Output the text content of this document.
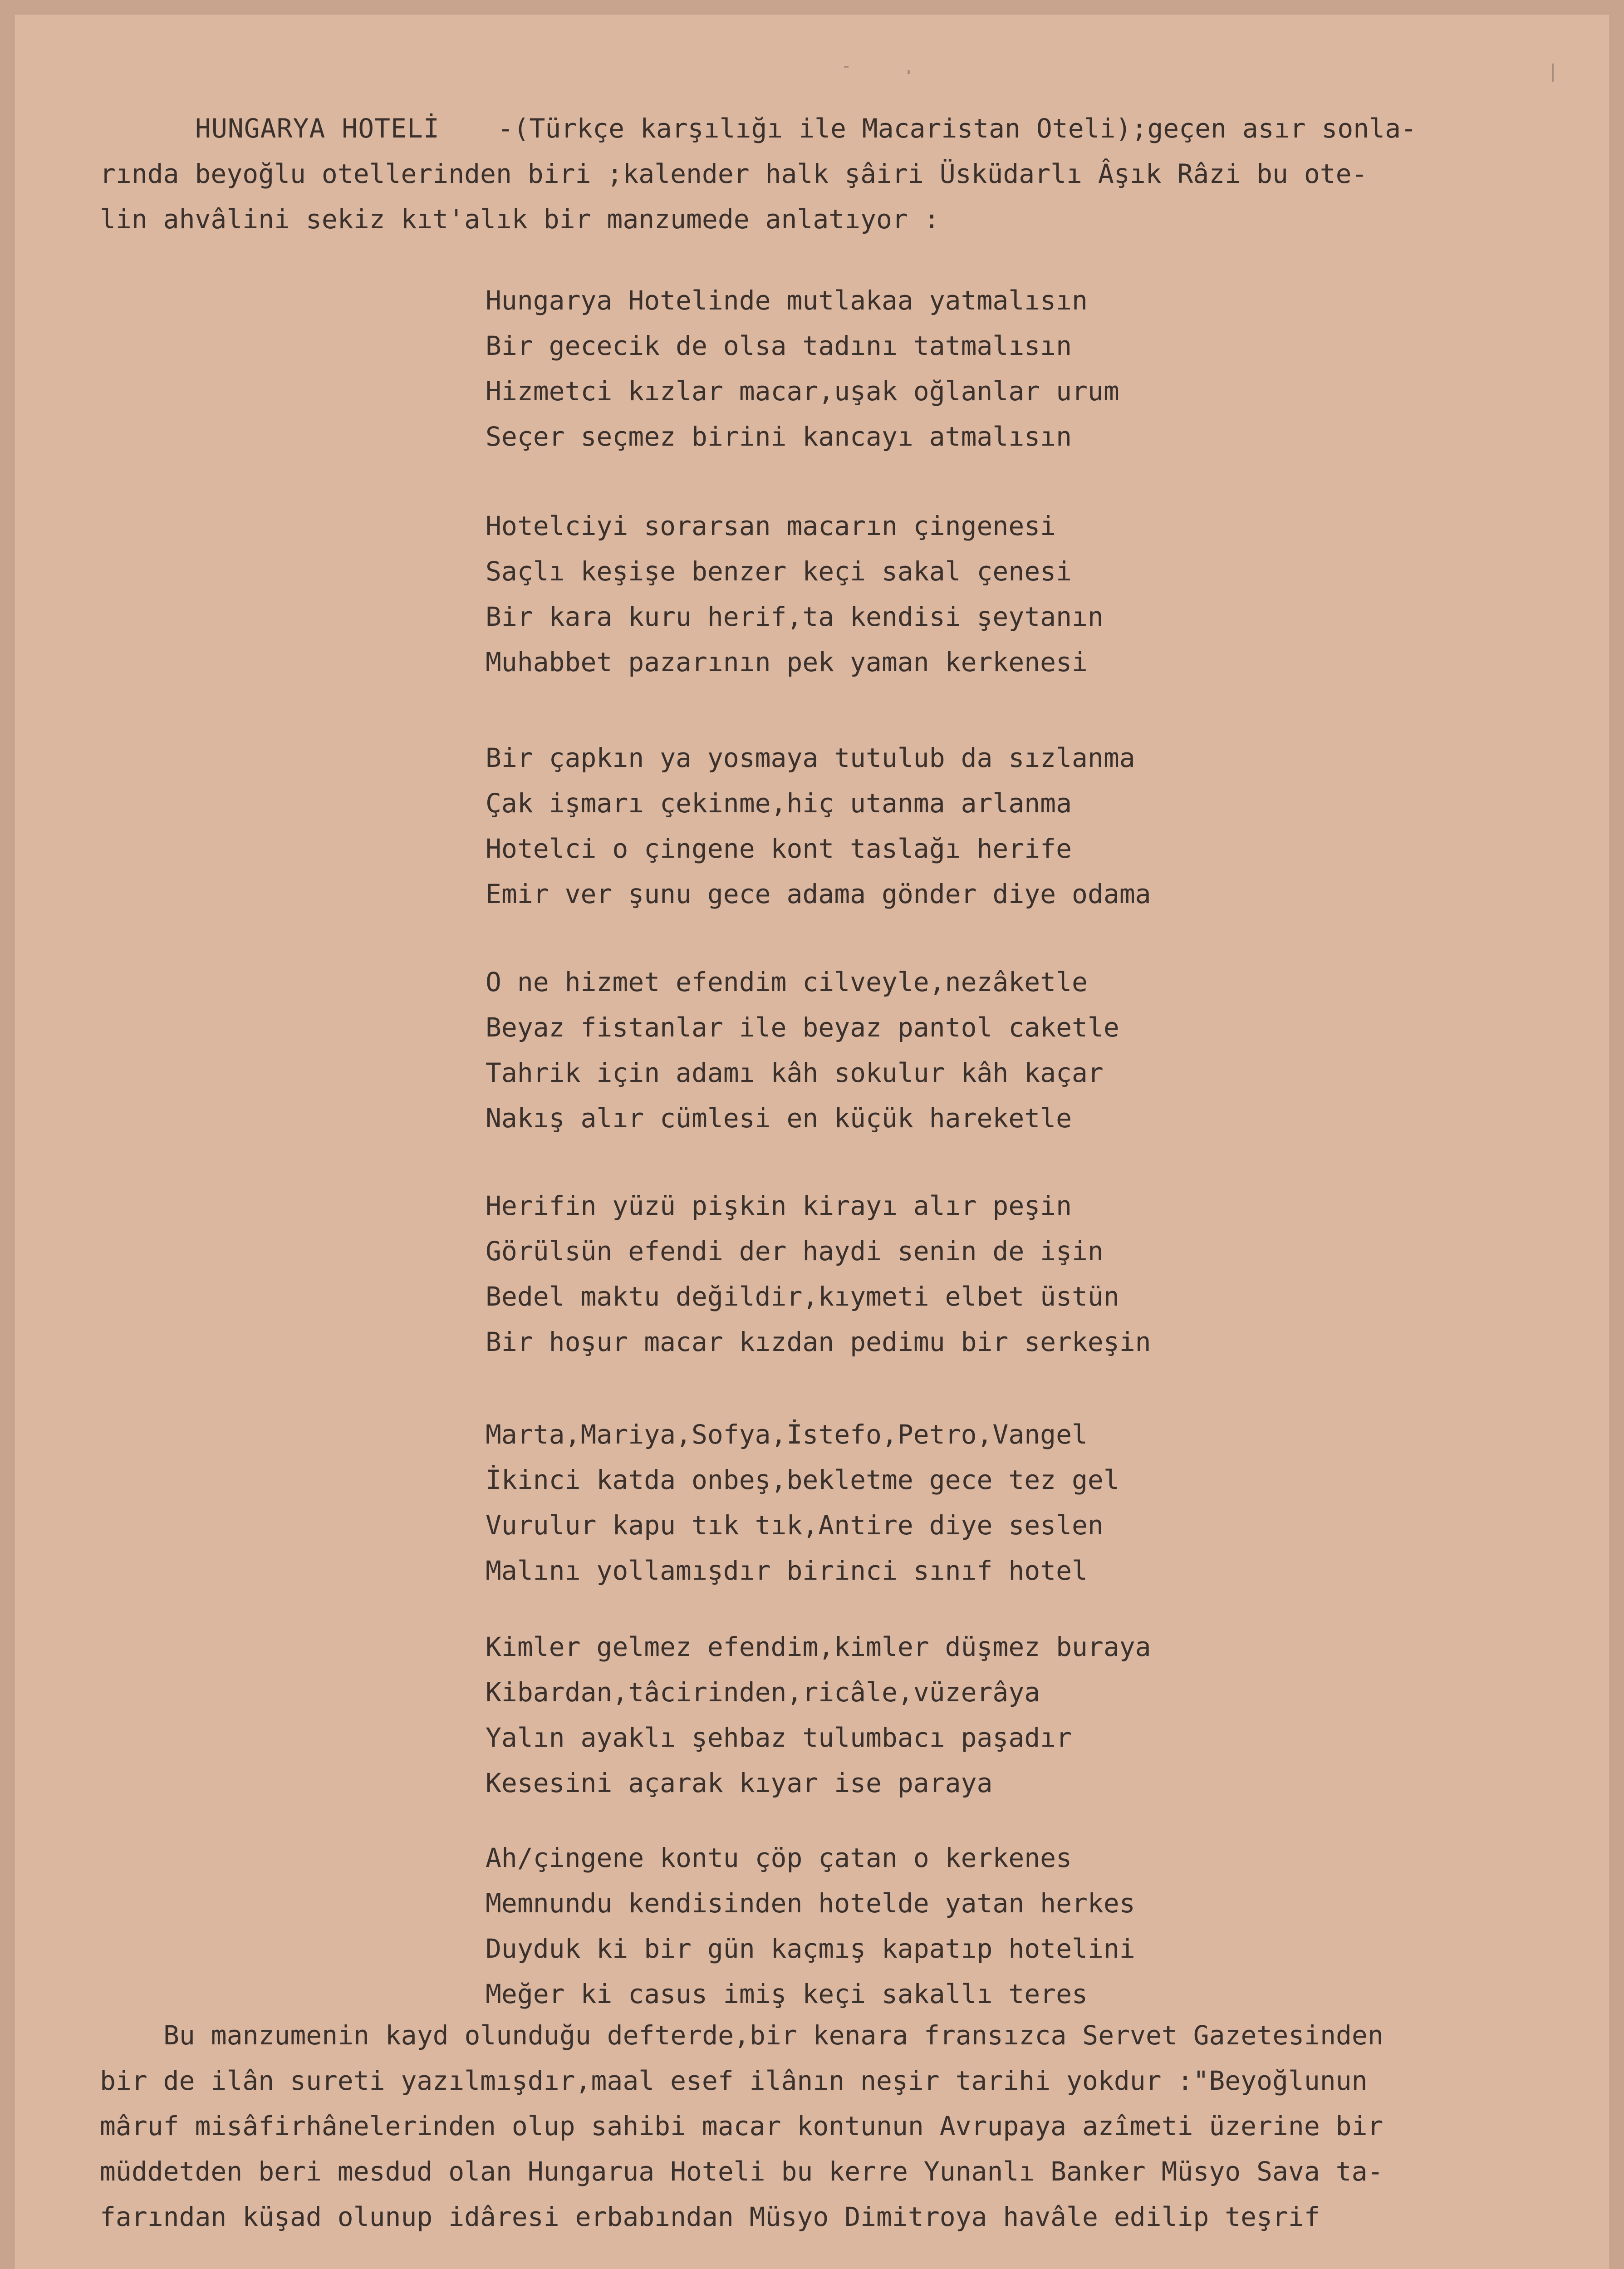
HUNGARYA HOTELİ -(Türkçe karşılığı ile Macaristan Oteli);geçen asır sonla-
rında beyoğlu otellerinden biri ;kalender halk şâiri Üsküdarlı Âşık Râzi bu ote-
lin ahvâlini sekiz kıt'alık bir manzumede anlatıyor :
Hungarya Hotelinde mutlakaa yatmalısın
Bir gececik de olsa tadını tatmalısın
Hizmetci kızlar macar,uşak oğlanlar urum
Seçer seçmez birini kancayı atmalısın
Hotelciyi sorarsan macarın çingenesi
Saçlı keşişe benzer keçi sakal çenesi
Bir kara kuru herif,ta kendisi şeytanın
Muhabbet pazarının pek yaman kerkenesi
Bir çapkın ya yosmaya tutulub da sızlanma
Çak işmarı çekinme,hiç utanma arlanma
Hotelci o çingene kont taslağı herife
Emir ver şunu gece adama gönder diye odama
O ne hizmet efendim cilveyle,nezâketle
Beyaz fistanlar ile beyaz pantol caketle
Tahrik için adamı kâh sokulur kâh kaçar
Nakış alır cümlesi en küçük hareketle
Herifin yüzü pişkin kirayı alır peşin
Görülsün efendi der haydi senin de işin
Bedel maktu değildir,kıymeti elbet üstün
Bir hoşur macar kızdan pedimu bir serkeşin
Marta,Mariya,Sofya,İstefo,Petro,Vangel
İkinci katda onbeş,bekletme gece tez gel
Vurulur kapu tık tık,Antire diye seslen
Malını yollamışdır birinci sınıf hotel
Kimler gelmez efendim,kimler düşmez buraya
Kibardan,tâcirinden,ricâle,vüzerâya
Yalın ayaklı şehbaz tulumbacı paşadır
Kesesini açarak kıyar ise paraya
Ah/çingene kontu çöp çatan o kerkenes
Memnundu kendisinden hotelde yatan herkes
Duyduk ki bir gün kaçmış kapatıp hotelini
Meğer ki casus imiş keçi sakallı teres
Bu manzumenin kayd olunduğu defterde,bir kenara fransızca Servet Gazetesinden
bir de ilân sureti yazılmışdır,maal esef ilânın neşir tarihi yokdur :"Beyoğlunun
mâruf misâfirhânelerinden olup sahibi macar kontunun Avrupaya azîmeti üzerine bir
müddetden beri mesdud olan Hungarua Hoteli bu kerre Yunanlı Banker Müsyo Sava ta-
farından küşad olunup idâresi erbabından Müsyo Dimitroya havâle edilip teşrif
